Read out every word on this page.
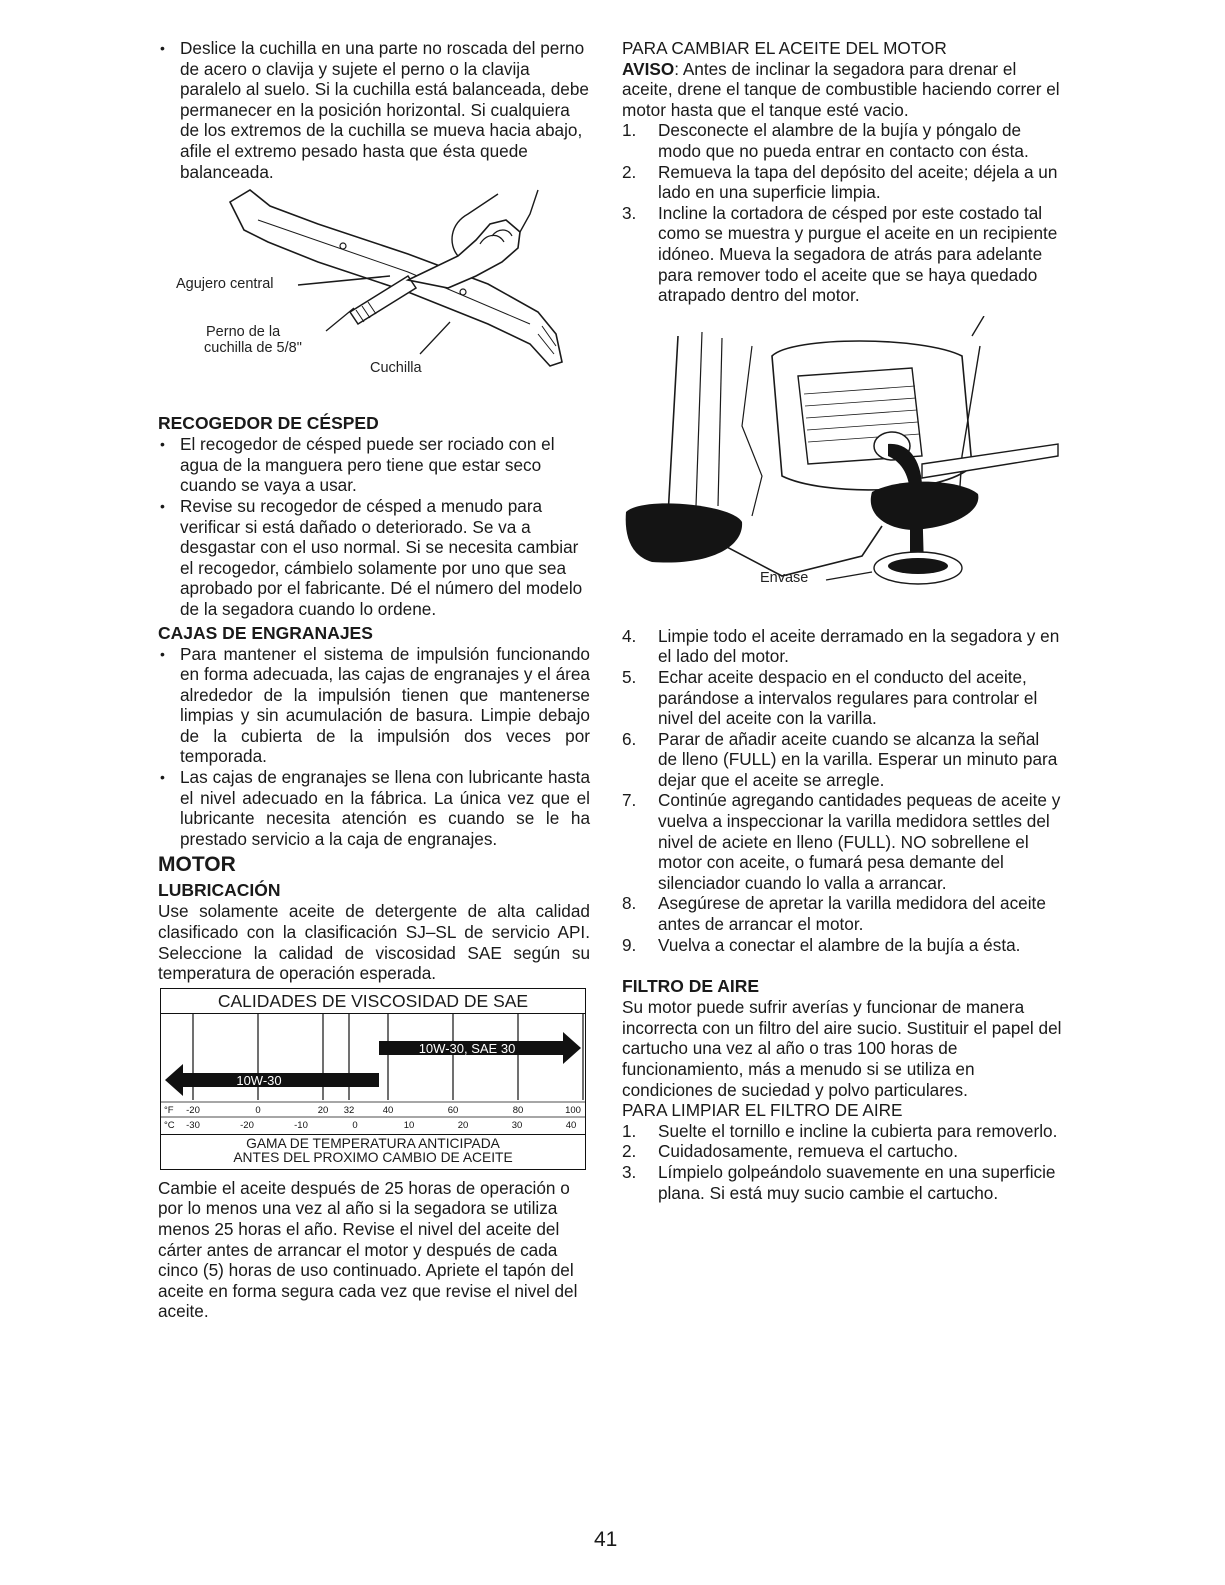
• Deslice la cuchilla en una parte no roscada del perno de acero o clavija y sujete el perno o la clavija paralelo al suelo. Si la cuchilla está balanceada, debe permanecer en la posición horizontal. Si cualquiera de los extremos de la cuchilla se mueva hacia abajo, afile el extremo pesado hasta que ésta quede balanceada.
Agujero central
Perno de la
cuchilla de 5/8"
Cuchilla
RECOGEDOR DE CÉSPED
• El recogedor de césped puede ser rociado con el agua de la manguera pero tiene que estar seco cuando se vaya a usar.
• Revise su recogedor de césped a menudo para verificar si está dañado o deteriorado. Se va a desgastar con el uso normal. Si se necesita cambiar el recogedor, cámbielo solamente por uno que sea aprobado por el fabricante. Dé el número del modelo de la segadora cuando lo ordene.
CAJAS DE ENGRANAJES
• Para mantener el sistema de impulsión funcionando en forma adecuada, las cajas de engranajes y el área alrededor de la impulsión tienen que mantenerse limpias y sin acumulación de basura. Limpie debajo de la cubierta de la impulsión dos veces por temporada.
• Las cajas de engranajes se llena con lubricante hasta el nivel adecuado en la fábrica. La única vez que el lubricante necesita atención es cuando se le ha prestado servicio a la caja de engranajes.
MOTOR
LUBRICACIÓN

Use solamente aceite de detergente de alta calidad clasificado con la clasificación SJ–SL de servicio API. Seleccione la calidad de viscosidad SAE según su temperatura de operación esperada.

CALIDADES DE VISCOSIDAD DE SAE
10W-30, SAE 30
10W-30
°F -20	0	20 32	40	60	80	100
°C -30	-20	-10	0	10	20	30	40
GAMA DE TEMPERATURA ANTICIPADA
ANTES DEL PROXIMO CAMBIO DE ACEITE

Cambie el aceite después de 25 horas de operación o por lo menos una vez al año si la segadora se utiliza menos 25 horas el año. Revise el nivel del aceite del cárter antes de arrancar el motor y después de cada cinco (5) horas de uso continuado. Apriete el tapón del aceite en forma segura cada vez que revise el nivel del aceite.

PARA CAMBIAR EL ACEITE DEL MOTOR

AVISO: Antes de inclinar la segadora para drenar el aceite, drene el tanque de combustible haciendo correr el motor hasta que el tanque esté vacio.

1. Desconecte el alambre de la bujía y póngalo de modo que no pueda entrar en contacto con ésta.
2. Remueva la tapa del depósito del aceite; déjela a un lado en una superficie limpia.
3. Incline la cortadora de césped por este costado tal como se muestra y purgue el aceite en un recipiente idóneo. Mueva la segadora de atrás para adelante para remover todo el aceite que se haya quedado atrapado dentro del motor.
Envase
4. Limpie todo el aceite derramado en la segadora y en el lado del motor.
5. Echar aceite despacio en el conducto del aceite, parándose a intervalos regulares para controlar el nivel del aceite con la varilla.
6. Parar de añadir aceite cuando se alcanza la señal de lleno (FULL) en la varilla. Esperar un minuto para dejar que el aceite se arregle.
7. Continúe agregando cantidades pequeas de aceite y vuelva a inspeccionar la varilla medidora settles del nivel de aciete en lleno (FULL). NO sobrellene el motor con aceite, o fumará pesa demante del silenciador cuando lo valla a arrancar.
8. Asegúrese de apretar la varilla medidora del aceite antes de arrancar el motor.
9. Vuelva a conectar el alambre de la bujía a ésta.
FILTRO DE AIRE

Su motor puede sufrir averías y funcionar de manera incorrecta con un filtro del aire sucio. Sustituir el papel del cartucho una vez al año o tras 100 horas de funcionamiento, más a menudo si se utiliza en condiciones de suciedad y polvo particulares.

PARA LIMPIAR EL FILTRO DE AIRE

1. Suelte el tornillo e incline la cubierta para removerlo.
2. Cuidadosamente, remueva el cartucho.
3. Límpielo golpeándolo suavemente en una superficie plana. Si está muy sucio cambie el cartucho.
41
